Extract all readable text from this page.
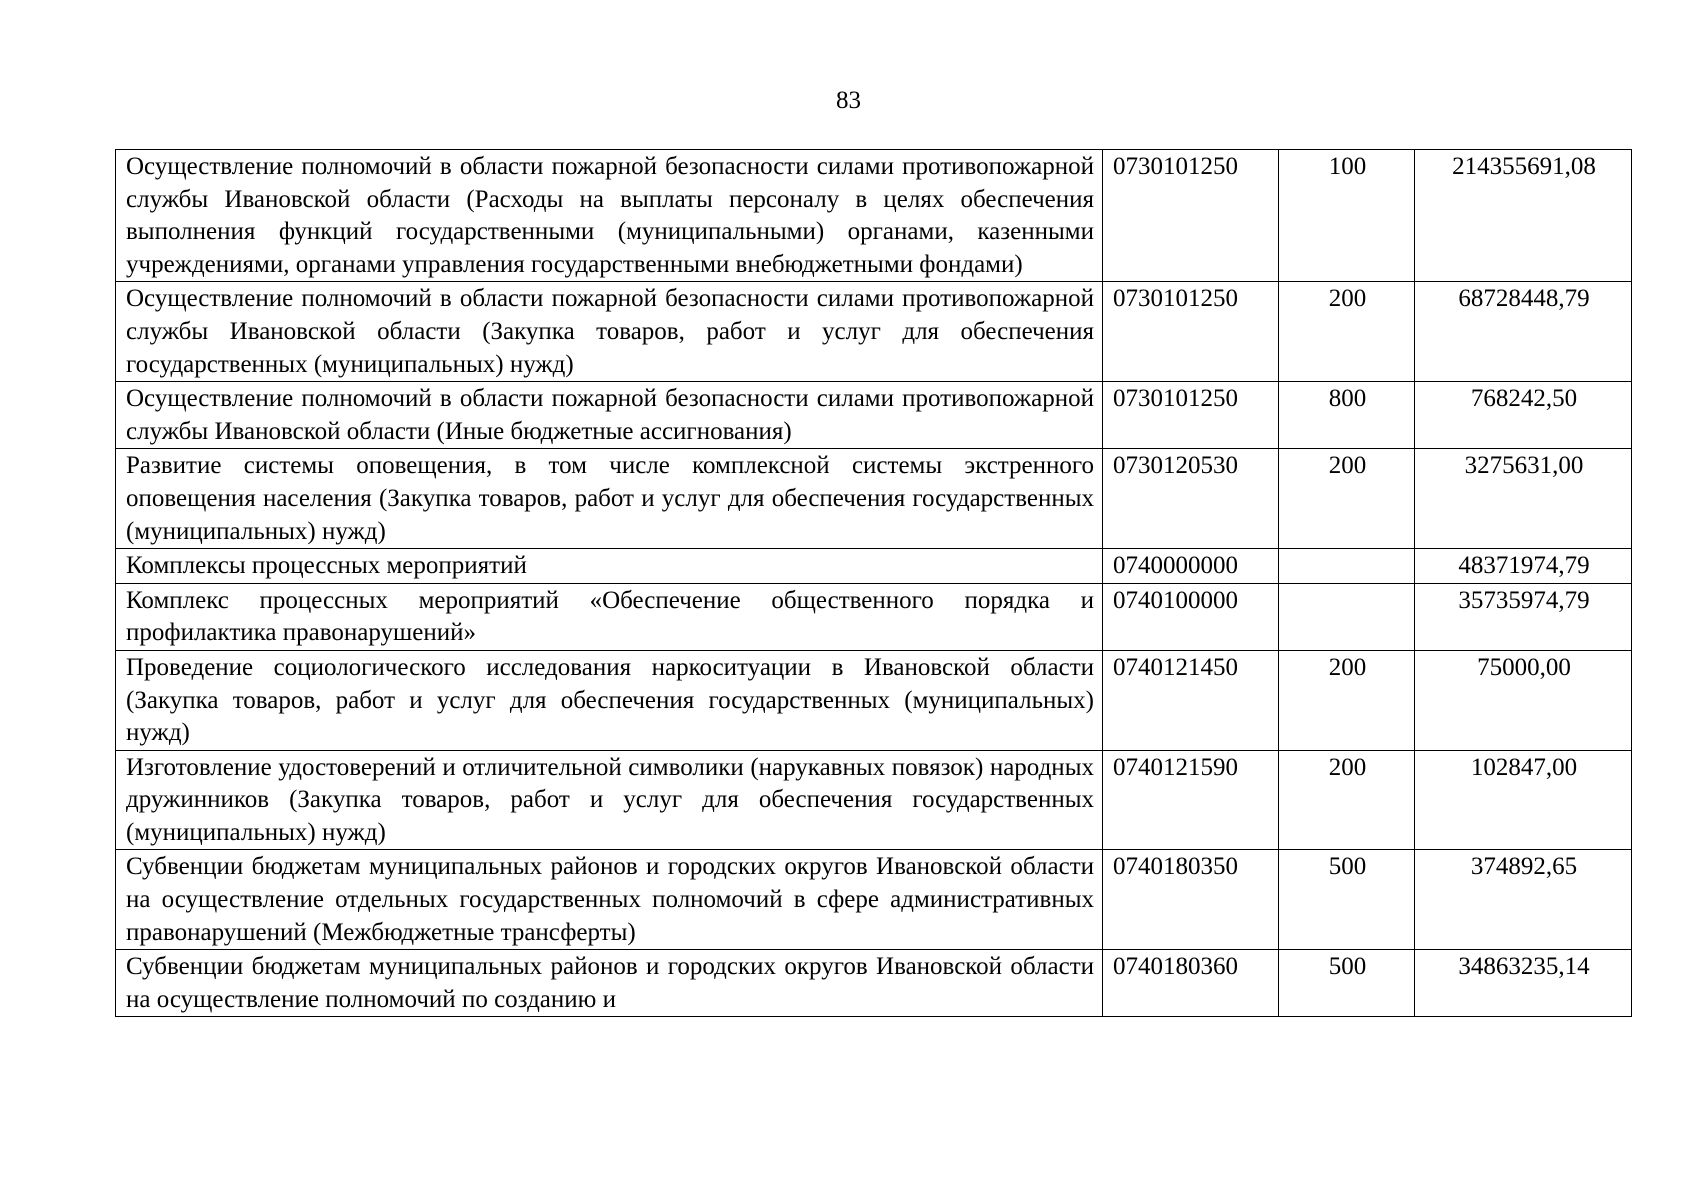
83
Осуществление полномочий в области пожарной безопасности силами противопожарной службы Ивановской области (Расходы на выплаты персоналу в целях обеспечения выполнения функций государственными (муниципальными) органами, казенными учреждениями, органами управления государственными внебюджетными фондами)	0730101250	100	214355691,08
Осуществление полномочий в области пожарной безопасности силами противопожарной службы Ивановской области (Закупка товаров, работ и услуг для обеспечения государственных (муниципальных) нужд)	0730101250	200	68728448,79
Осуществление полномочий в области пожарной безопасности силами противопожарной службы Ивановской области (Иные бюджетные ассигнования)	0730101250	800	768242,50
Развитие системы оповещения, в том числе комплексной системы экстренного оповещения населения (Закупка товаров, работ и услуг для обеспечения государственных (муниципальных) нужд)	0730120530	200	3275631,00
Комплексы процессных мероприятий	0740000000		48371974,79
Комплекс процессных мероприятий «Обеспечение общественного порядка и профилактика правонарушений»	0740100000		35735974,79
Проведение социологического исследования наркоситуации в Ивановской области (Закупка товаров, работ и услуг для обеспечения государственных (муниципальных) нужд)	0740121450	200	75000,00
Изготовление удостоверений и отличительной символики (нарукавных повязок) народных дружинников (Закупка товаров, работ и услуг для обеспечения государственных (муниципальных) нужд)	0740121590	200	102847,00
Субвенции бюджетам муниципальных районов и городских округов Ивановской области на осуществление отдельных государственных полномочий в сфере административных правонарушений (Межбюджетные трансферты)	0740180350	500	374892,65
Субвенции бюджетам муниципальных районов и городских округов Ивановской области на осуществление полномочий по созданию и	0740180360	500	34863235,14
